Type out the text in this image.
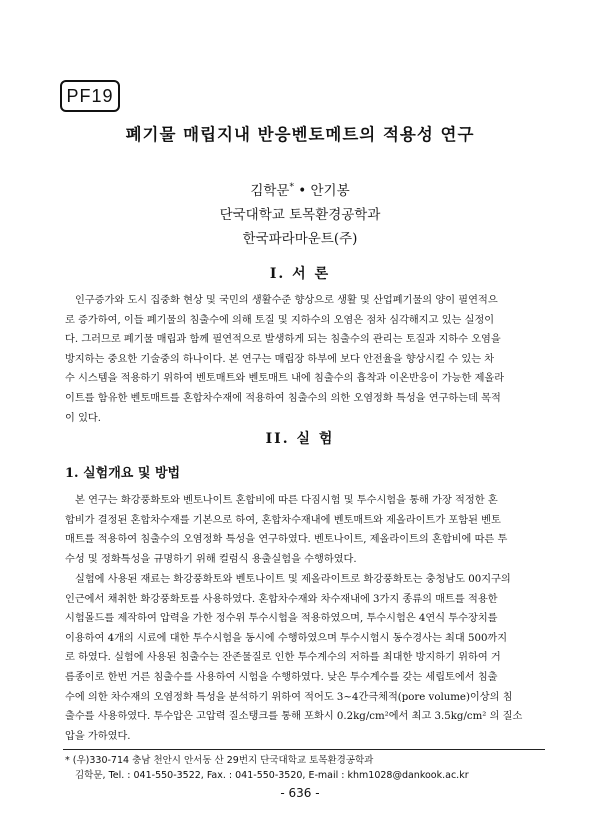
PF19
폐기물 매립지내 반응벤토메트의 적용성 연구
김학문* • 안기봉
단국대학교 토목환경공학과
한국파라마운트(주)
I. 서 론

인구증가와 도시 집중화 현상 및 국민의 생활수준 향상으로 생활 및 산업폐기물의 양이 필연적으
로 증가하여, 이들 폐기물의 침출수에 의해 토질 및 지하수의 오염은 점차 심각해지고 있는 실정이
다. 그러므로 폐기물 매립과 함께 필연적으로 발생하게 되는 침출수의 관리는 토질과 지하수 오염을
방지하는 중요한 기술중의 하나이다. 본 연구는 매립장 하부에 보다 안전율을 향상시킬 수 있는 차
수 시스템을 적용하기 위하여 벤토매트와 벤토매트 내에 침출수의 흡착과 이온반응이 가능한 제올라
이트를 함유한 벤토매트를 혼합차수재에 적용하여 침출수의 의한 오염정화 특성을 연구하는데 목적
이 있다.

II. 실 험
1. 실험개요 및 방법

본 연구는 화강풍화토와 벤토나이트 혼합비에 따른 다짐시험 및 투수시험을 통해 가장 적정한 혼
합비가 결정된 혼합차수재를 기본으로 하여, 혼합차수재내에 벤토매트와 제올라이트가 포함된 벤토
매트를 적용하여 침출수의 오염정화 특성을 연구하였다. 벤토나이트, 제올라이트의 혼합비에 따른 투
수성 및 정화특성을 규명하기 위해 컬럼식 용출실험을 수행하였다.

실험에 사용된 재료는 화강풍화토와 벤토나이트 및 제올라이트로 화강풍화토는 충청남도 00지구의
인근에서 채취한 화강풍화토를 사용하였다. 혼합차수재와 차수재내에 3가지 종류의 매트를 적용한
시험몰드를 제작하여 압력을 가한 정수위 투수시험을 적용하였으며, 투수시험은 4연식 투수장치를
이용하여 4개의 시료에 대한 투수시험을 동시에 수행하였으며 투수시험시 동수경사는 최대 500까지
로 하였다. 실험에 사용된 침출수는 잔존물질로 인한 투수계수의 저하를 최대한 방지하기 위하여 거
름종이로 한번 거른 침출수를 사용하여 시험을 수행하였다. 낮은 투수계수를 갖는 세립토에서 침출
수에 의한 차수재의 오염정화 특성을 분석하기 위하여 적어도 3~4간극체적(pore volume)이상의 침
출수를 사용하였다. 투수압은 고압력 질소탱크를 통해 포화시 0.2kg/cm²에서 최고 3.5kg/cm² 의 질소
압을 가하였다.

* (우)330-714 충남 천안시 안서동 산 29번지 단국대학교 토목환경공학과
김학문, Tel. : 041-550-3522, Fax. : 041-550-3520, E-mail : khm1028@dankook.ac.kr
- 636 -
